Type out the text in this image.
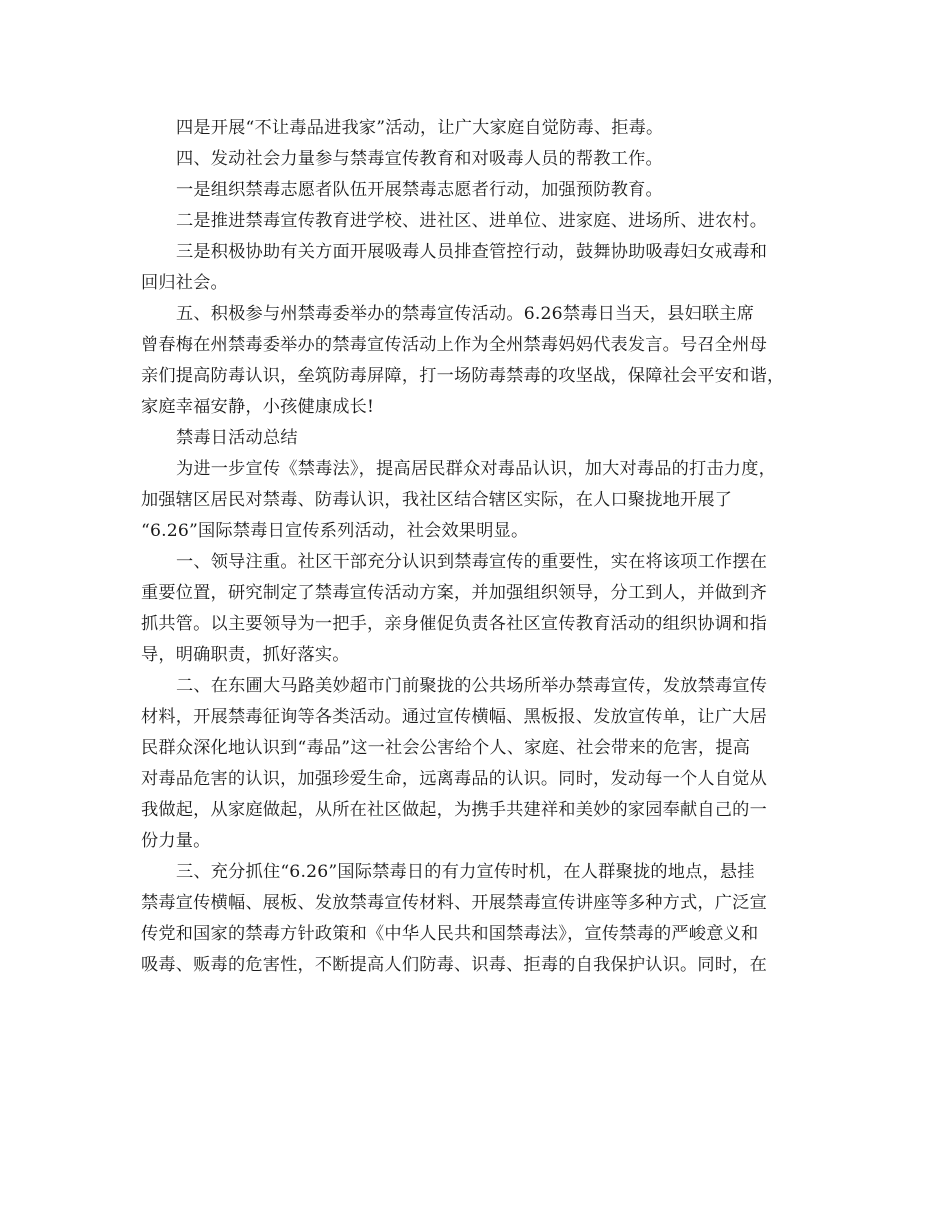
四是开展“不让毒品进我家”活动，让广大家庭自觉防毒、拒毒。
四、发动社会力量参与禁毒宣传教育和对吸毒人员的帮教工作。
一是组织禁毒志愿者队伍开展禁毒志愿者行动，加强预防教育。
二是推进禁毒宣传教育进学校、进社区、进单位、进家庭、进场所、进农村。
三是积极协助有关方面开展吸毒人员排查管控行动，鼓舞协助吸毒妇女戒毒和
回归社会。
五、积极参与州禁毒委举办的禁毒宣传活动。6.26禁毒日当天，县妇联主席
曾春梅在州禁毒委举办的禁毒宣传活动上作为全州禁毒妈妈代表发言。号召全州母
亲们提高防毒认识，垒筑防毒屏障，打一场防毒禁毒的攻坚战，保障社会平安和谐，
家庭幸福安静，小孩健康成长!
禁毒日活动总结
为进一步宣传《禁毒法》，提高居民群众对毒品认识，加大对毒品的打击力度，
加强辖区居民对禁毒、防毒认识，我社区结合辖区实际，在人口聚拢地开展了
“6.26”国际禁毒日宣传系列活动，社会效果明显。
一、领导注重。社区干部充分认识到禁毒宣传的重要性，实在将该项工作摆在
重要位置，研究制定了禁毒宣传活动方案，并加强组织领导，分工到人，并做到齐
抓共管。以主要领导为一把手，亲身催促负责各社区宣传教育活动的组织协调和指
导，明确职责，抓好落实。
二、在东圃大马路美妙超市门前聚拢的公共场所举办禁毒宣传，发放禁毒宣传
材料，开展禁毒征询等各类活动。通过宣传横幅、黑板报、发放宣传单，让广大居
民群众深化地认识到“毒品”这一社会公害给个人、家庭、社会带来的危害，提高
对毒品危害的认识，加强珍爱生命，远离毒品的认识。同时，发动每一个人自觉从
我做起，从家庭做起，从所在社区做起，为携手共建祥和美妙的家园奉献自己的一
份力量。
三、充分抓住“6.26”国际禁毒日的有力宣传时机，在人群聚拢的地点，悬挂
禁毒宣传横幅、展板、发放禁毒宣传材料、开展禁毒宣传讲座等多种方式，广泛宣
传党和国家的禁毒方针政策和《中华人民共和国禁毒法》，宣传禁毒的严峻意义和
吸毒、贩毒的危害性，不断提高人们防毒、识毒、拒毒的自我保护认识。同时，在
